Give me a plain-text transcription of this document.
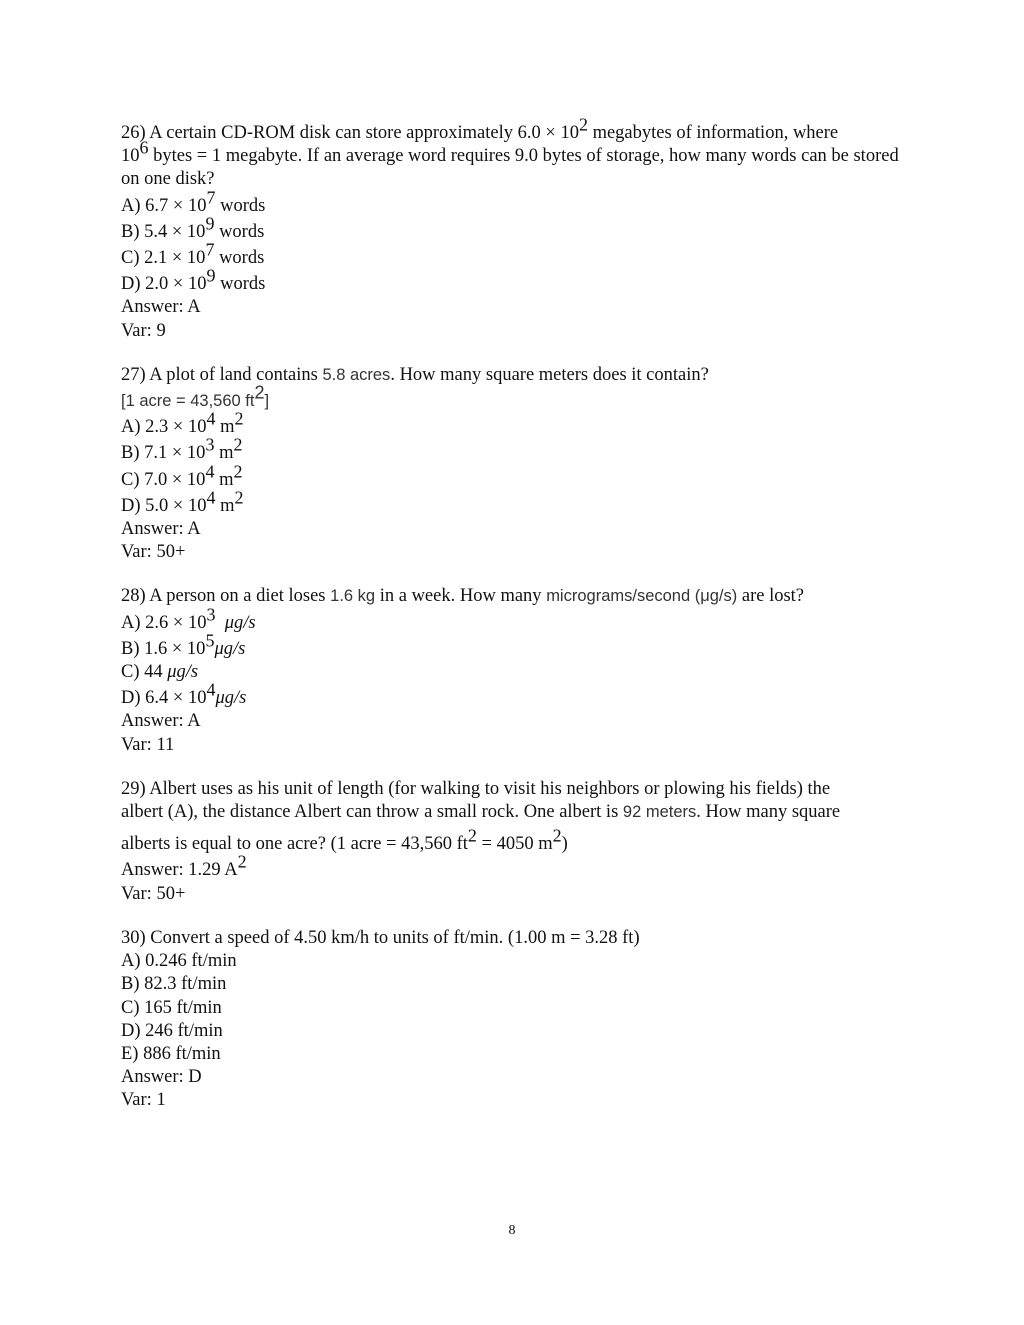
26) A certain CD-ROM disk can store approximately $6.0 \times 10^2$ megabytes of information, where
$10^6$ bytes = 1 megabyte. If an average word requires 9.0 bytes of storage, how many words can be stored on one disk?
A) $6.7 \times 10^7$ words
B) $5.4 \times 10^9$ words
C) $2.1 \times 10^7$ words
D) $2.0 \times 10^9$ words
Answer: A
Var: 9
27) A plot of land contains 5.8 acres. How many square meters does it contain?
[1 acre = 43,560 $ft^2$]
A) $2.3 \times 10^4$ $m^2$
B) $7.1 \times 10^3$ $m^2$
C) $7.0 \times 10^4$ $m^2$
D) $5.0 \times 10^4$ $m^2$
Answer: A
Var: 50+
28) A person on a diet loses 1.6 kg in a week. How many micrograms/second (μg/s) are lost?
A) $2.6 \times 10^3$ μg/s
B) $1.6 \times 10^5\mu g/s$
C) 44 μg/s
D) $6.4 \times 10^4\mu g/s$
Answer: A
Var: 11
29) Albert uses as his unit of length (for walking to visit his neighbors or plowing his fields) the
albert (A), the distance Albert can throw a small rock. One albert is 92 meters. How many square
alberts is equal to one acre? (1 acre = 43,560 $ft^2 = 4050$ $m^2$)
Answer: 1.29 $A^2$
Var: 50+
30) Convert a speed of 4.50 km/h to units of ft/min. (1.00 m = 3.28 ft)
A) 0.246 ft/min
B) 82.3 ft/min
C) 165 ft/min
D) 246 ft/min
E) 886 ft/min
Answer: D
Var: 1
8
